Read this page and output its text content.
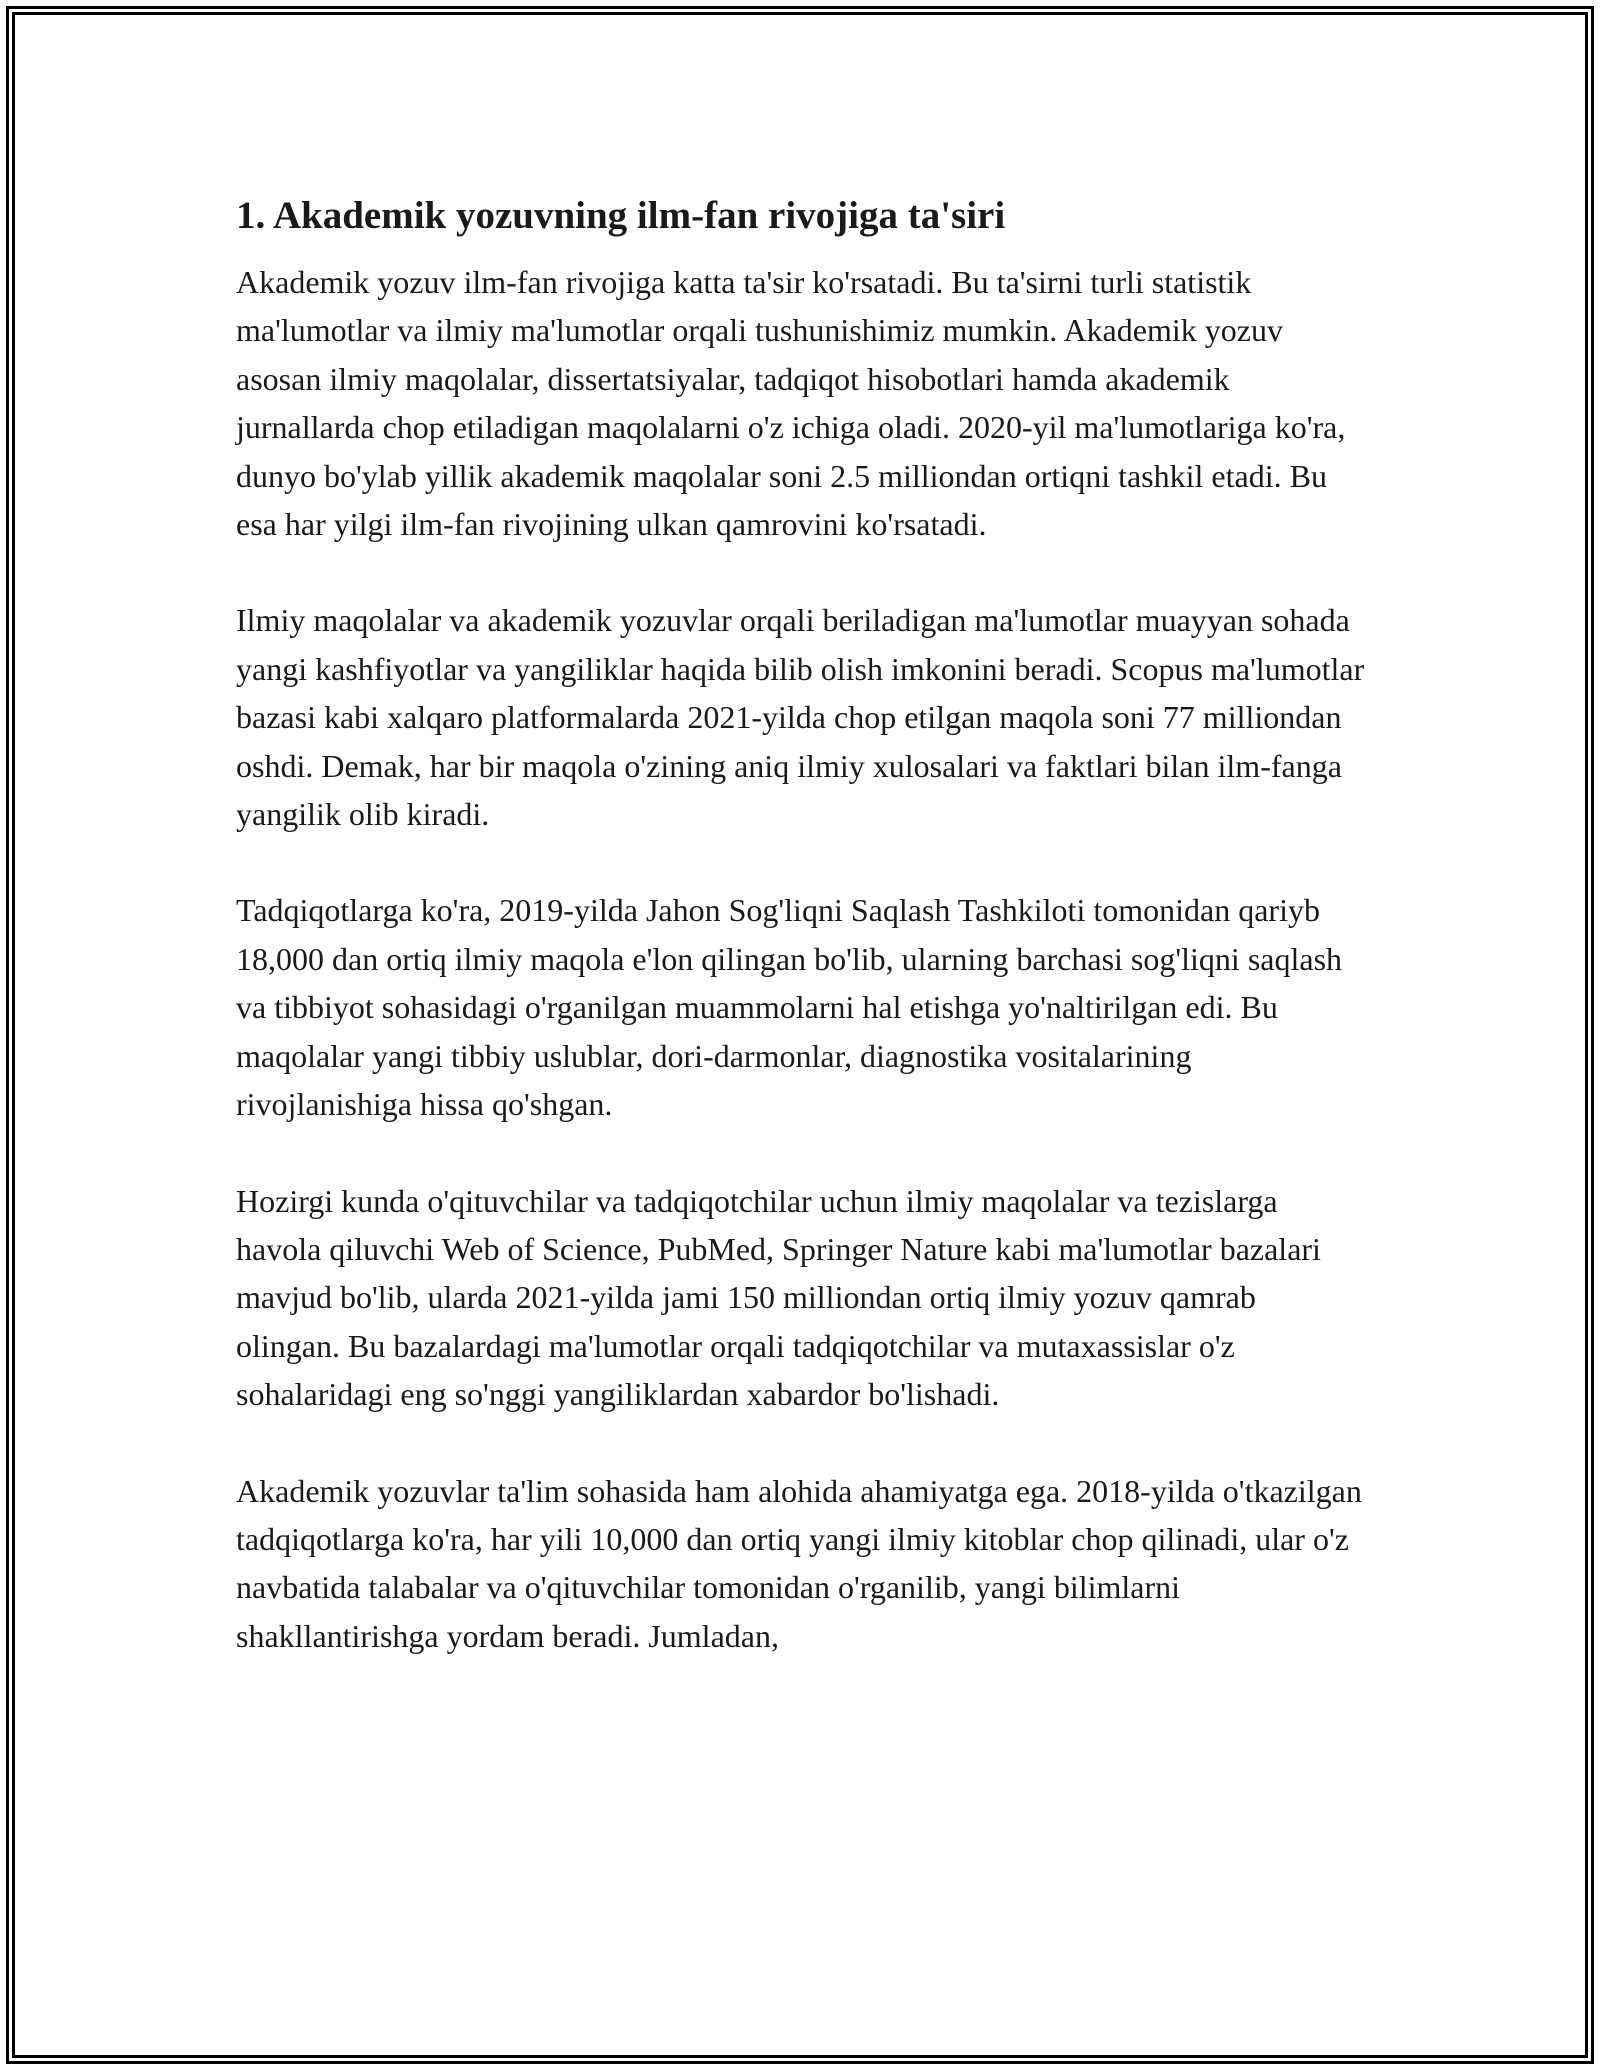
1. Akademik yozuvning ilm-fan rivojiga ta'siri

Akademik yozuv ilm-fan rivojiga katta ta'sir ko'rsatadi. Bu ta'sirni turli statistik ma'lumotlar va ilmiy ma'lumotlar orqali tushunishimiz mumkin. Akademik yozuv asosan ilmiy maqolalar, dissertatsiyalar, tadqiqot hisobotlari hamda akademik jurnallarda chop etiladigan maqolalarni o'z ichiga oladi. 2020-yil ma'lumotlariga ko'ra, dunyo bo'ylab yillik akademik maqolalar soni 2.5 milliondan ortiqni tashkil etadi. Bu esa har yilgi ilm-fan rivojining ulkan qamrovini ko'rsatadi.

Ilmiy maqolalar va akademik yozuvlar orqali beriladigan ma'lumotlar muayyan sohada yangi kashfiyotlar va yangiliklar haqida bilib olish imkonini beradi. Scopus ma'lumotlar bazasi kabi xalqaro platformalarda 2021-yilda chop etilgan maqola soni 77 milliondan oshdi. Demak, har bir maqola o'zining aniq ilmiy xulosalari va faktlari bilan ilm-fanga yangilik olib kiradi.

Tadqiqotlarga ko'ra, 2019-yilda Jahon Sog'liqni Saqlash Tashkiloti tomonidan qariyb 18,000 dan ortiq ilmiy maqola e'lon qilingan bo'lib, ularning barchasi sog'liqni saqlash va tibbiyot sohasidagi o'rganilgan muammolarni hal etishga yo'naltirilgan edi. Bu maqolalar yangi tibbiy uslublar, dori-darmonlar, diagnostika vositalarining rivojlanishiga hissa qo'shgan.

Hozirgi kunda o'qituvchilar va tadqiqotchilar uchun ilmiy maqolalar va tezislarga havola qiluvchi Web of Science, PubMed, Springer Nature kabi ma'lumotlar bazalari mavjud bo'lib, ularda 2021-yilda jami 150 milliondan ortiq ilmiy yozuv qamrab olingan. Bu bazalardagi ma'lumotlar orqali tadqiqotchilar va mutaxassislar o'z sohalaridagi eng so'nggi yangiliklardan xabardor bo'lishadi.

Akademik yozuvlar ta'lim sohasida ham alohida ahamiyatga ega. 2018-yilda o'tkazilgan tadqiqotlarga ko'ra, har yili 10,000 dan ortiq yangi ilmiy kitoblar chop qilinadi, ular o'z navbatida talabalar va o'qituvchilar tomonidan o'rganilib, yangi bilimlarni shakllantirishga yordam beradi. Jumladan,
